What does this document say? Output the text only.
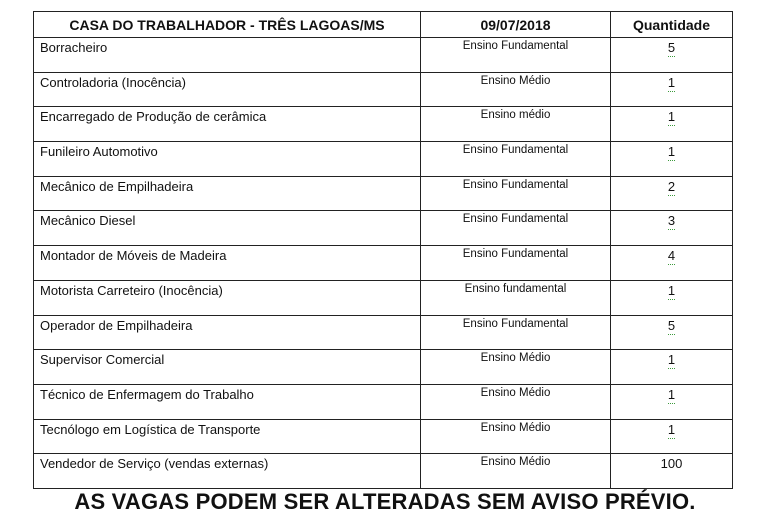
CASA DO TRABALHADOR - TRÊS LAGOAS/MS	09/07/2018	Quantidade
Borracheiro	Ensino Fundamental	5
Controladoria (Inocência)	Ensino Médio	1
Encarregado de Produção de cerâmica	Ensino médio	1
Funileiro Automotivo	Ensino Fundamental	1
Mecânico de Empilhadeira	Ensino Fundamental	2
Mecânico Diesel	Ensino Fundamental	3
Montador de Móveis de Madeira	Ensino Fundamental	4
Motorista Carreteiro (Inocência)	Ensino fundamental	1
Operador de Empilhadeira	Ensino Fundamental	5
Supervisor Comercial	Ensino Médio	1
Técnico de Enfermagem do Trabalho	Ensino Médio	1
Tecnólogo em Logística de Transporte	Ensino Médio	1
Vendedor de Serviço (vendas externas)	Ensino Médio	100
AS VAGAS PODEM SER ALTERADAS SEM AVISO PRÉVIO.
